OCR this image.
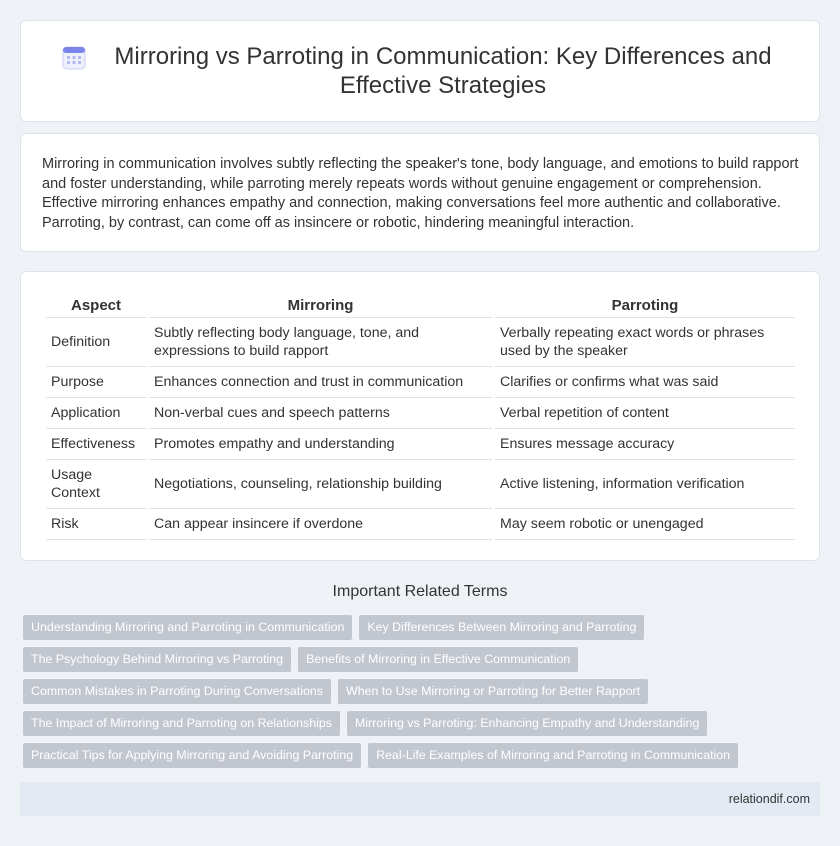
Mirroring vs Parroting in Communication: Key Differences and Effective Strategies

Mirroring in communication involves subtly reflecting the speaker's tone, body language, and emotions to build rapport and foster understanding, while parroting merely repeats words without genuine engagement or comprehension. Effective mirroring enhances empathy and connection, making conversations feel more authentic and collaborative. Parroting, by contrast, can come off as insincere or robotic, hindering meaningful interaction.

Aspect	Mirroring	Parroting
Definition	Subtly reflecting body language, tone, and expressions to build rapport	Verbally repeating exact words or phrases used by the speaker
Purpose	Enhances connection and trust in communication	Clarifies or confirms what was said
Application	Non-verbal cues and speech patterns	Verbal repetition of content
Effectiveness	Promotes empathy and understanding	Ensures message accuracy
Usage Context	Negotiations, counseling, relationship building	Active listening, information verification
Risk	Can appear insincere if overdone	May seem robotic or unengaged
Important Related Terms
Understanding Mirroring and Parroting in Communication	Key Differences Between Mirroring and Parroting
The Psychology Behind Mirroring vs Parroting	Benefits of Mirroring in Effective Communication
Common Mistakes in Parroting During Conversations	When to Use Mirroring or Parroting for Better Rapport
The Impact of Mirroring and Parroting on Relationships	Mirroring vs Parroting: Enhancing Empathy and Understanding
Practical Tips for Applying Mirroring and Avoiding Parroting	Real-Life Examples of Mirroring and Parroting in Communication
relationdif.com
